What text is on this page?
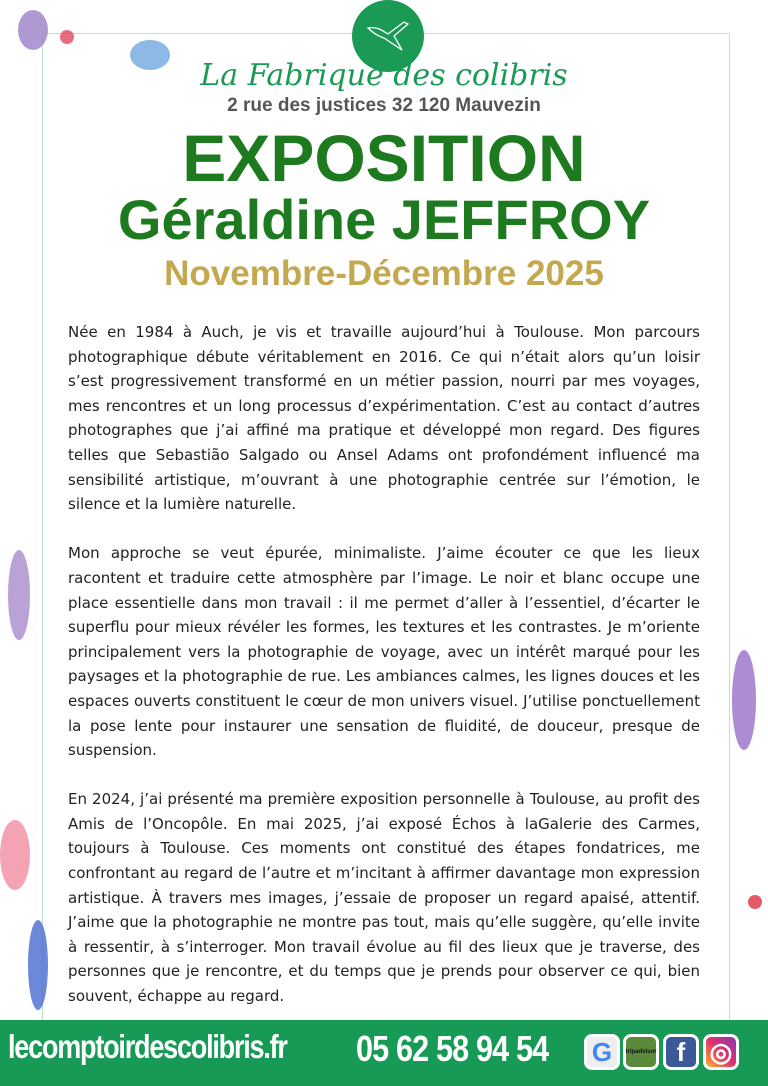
La Fabrique des colibris
2 rue des justices 32 120 Mauvezin
EXPOSITION
Géraldine JEFFROY
Novembre-Décembre 2025

Née en 1984 à Auch, je vis et travaille aujourd’hui à Toulouse. Mon parcours photographique débute véritablement en 2016. Ce qui n’était alors qu’un loisir s’est progressivement transformé en un métier passion, nourri par mes voyages, mes rencontres et un long processus d’expérimentation. C’est au contact d’autres photographes que j’ai affiné ma pratique et développé mon regard. Des figures telles que Sebastião Salgado ou Ansel Adams ont profondément influencé ma sensibilité artistique, m’ouvrant à une photographie centrée sur l’émotion, le silence et la lumière naturelle.

Mon approche se veut épurée, minimaliste. J’aime écouter ce que les lieux racontent et traduire cette atmosphère par l’image. Le noir et blanc occupe une place essentielle dans mon travail : il me permet d’aller à l’essentiel, d’écarter le superflu pour mieux révéler les formes, les textures et les contrastes. Je m’oriente principalement vers la photographie de voyage, avec un intérêt marqué pour les paysages et la photographie de rue. Les ambiances calmes, les lignes douces et les espaces ouverts constituent le cœur de mon univers visuel. J’utilise ponctuellement la pose lente pour instaurer une sensation de fluidité, de douceur, presque de suspension.

En 2024, j’ai présenté ma première exposition personnelle à Toulouse, au profit des Amis de l’Oncopôle. En mai 2025, j’ai exposé Échos à laGalerie des Carmes, toujours à Toulouse. Ces moments ont constitué des étapes fondatrices, me confrontant au regard de l’autre et m’incitant à affirmer davantage mon expression artistique. À travers mes images, j’essaie de proposer un regard apaisé, attentif. J’aime que la photographie ne montre pas tout, mais qu’elle suggère, qu’elle invite à ressentir, à s’interroger. Mon travail évolue au fil des lieux que je traverse, des personnes que je rencontre, et du temps que je prends pour observer ce qui, bien souvent, échappe au regard.

lecomptoirdescolibris.fr 05 62 58 94 54	G	tripadvisor f ◎
